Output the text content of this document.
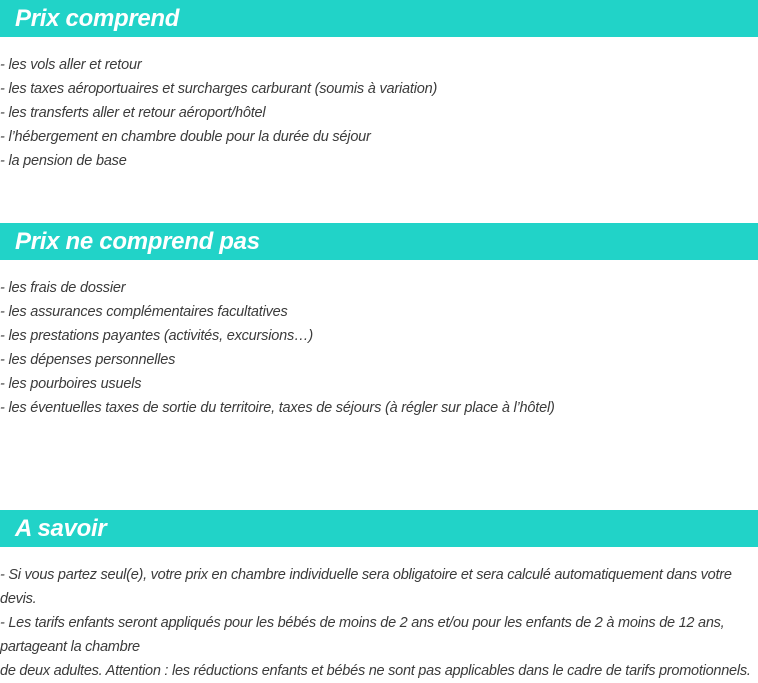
Prix comprend
- les vols aller et retour
- les taxes aéroportuaires et surcharges carburant (soumis à variation)
- les transferts aller et retour aéroport/hôtel
- l’hébergement en chambre double pour la durée du séjour
- la pension de base
Prix ne comprend pas
- les frais de dossier
- les assurances complémentaires facultatives
- les prestations payantes (activités, excursions…)
- les dépenses personnelles
- les pourboires usuels
- les éventuelles taxes de sortie du territoire, taxes de séjours (à régler sur place à l’hôtel)
A savoir

- Si vous partez seul(e), votre prix en chambre individuelle sera obligatoire et sera calculé automatiquement dans votre devis.

- Les tarifs enfants seront appliqués pour les bébés de moins de 2 ans et/ou pour les enfants de 2 à moins de 12 ans, partageant la chambre

de deux adultes. Attention : les réductions enfants et bébés ne sont pas applicables dans le cadre de tarifs promotionnels.
